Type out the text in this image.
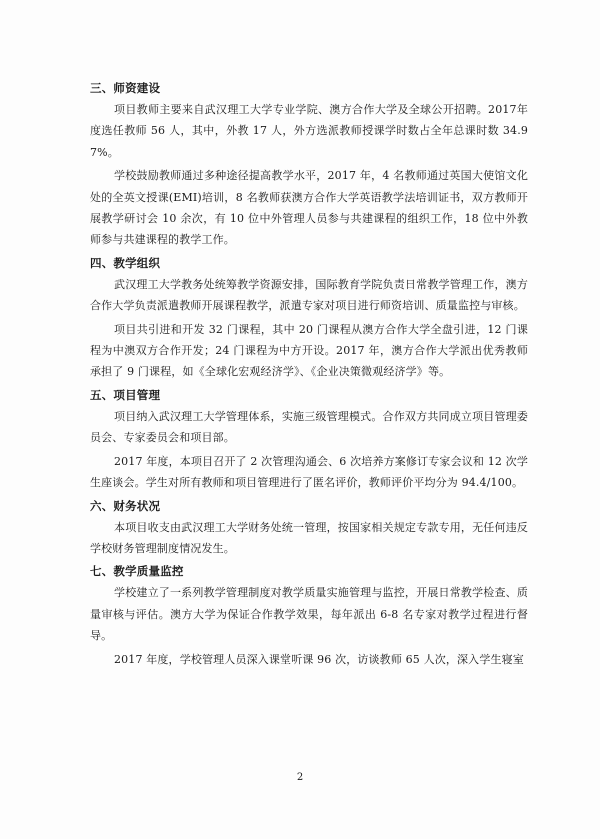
三、师资建设

项目教师主要来自武汉理工大学专业学院、澳方合作大学及全球公开招聘。2017年度选任教师 56 人，其中，外教 17 人，外方选派教师授课学时数占全年总课时数 34.97%。

学校鼓励教师通过多种途径提高教学水平，2017 年，4 名教师通过英国大使馆文化处的全英文授课(EMI)培训，8 名教师获澳方合作大学英语教学法培训证书，双方教师开展教学研讨会 10 余次，有 10 位中外管理人员参与共建课程的组织工作，18 位中外教师参与共建课程的教学工作。

四、教学组织

武汉理工大学教务处统筹教学资源安排，国际教育学院负责日常教学管理工作，澳方合作大学负责派遣教师开展课程教学，派遣专家对项目进行师资培训、质量监控与审核。

项目共引进和开发 32 门课程，其中 20 门课程从澳方合作大学全盘引进，12 门课程为中澳双方合作开发；24 门课程为中方开设。2017 年，澳方合作大学派出优秀教师承担了 9 门课程，如《全球化宏观经济学》、《企业决策微观经济学》等。

五、项目管理

项目纳入武汉理工大学管理体系，实施三级管理模式。合作双方共同成立项目管理委员会、专家委员会和项目部。

2017 年度，本项目召开了 2 次管理沟通会、6 次培养方案修订专家会议和 12 次学生座谈会。学生对所有教师和项目管理进行了匿名评价，教师评价平均分为 94.4/100。

六、财务状况

本项目收支由武汉理工大学财务处统一管理，按国家相关规定专款专用，无任何违反学校财务管理制度情况发生。

七、教学质量监控

学校建立了一系列教学管理制度对教学质量实施管理与监控，开展日常教学检查、质量审核与评估。澳方大学为保证合作教学效果，每年派出 6-8 名专家对教学过程进行督导。

2017 年度，学校管理人员深入课堂听课 96 次，访谈教师 65 人次，深入学生寝室

2
